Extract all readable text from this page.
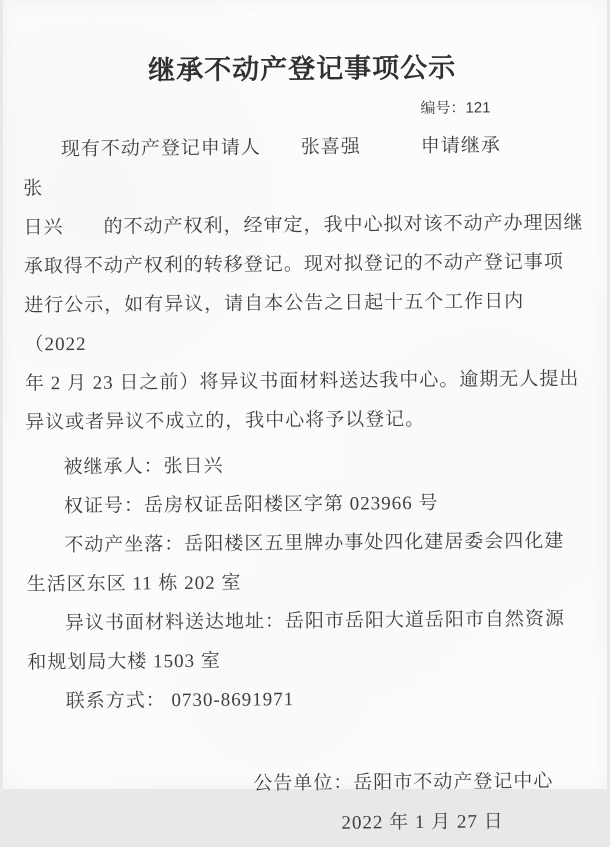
继承不动产登记事项公示
编号：121
现有不动产登记申请人　　张喜强　　　申请继承　　　　张
日兴　　的不动产权利，经审定，我中心拟对该不动产办理因继
承取得不动产权利的转移登记。现对拟登记的不动产登记事项
进行公示，如有异议，请自本公告之日起十五个工作日内（2022
年 2 月 23 日之前）将异议书面材料送达我中心。逾期无人提出
异议或者异议不成立的，我中心将予以登记。
被继承人：张日兴
权证号：岳房权证岳阳楼区字第 023966 号
不动产坐落：岳阳楼区五里牌办事处四化建居委会四化建
生活区东区 11 栋 202 室
异议书面材料送达地址：岳阳市岳阳大道岳阳市自然资源
和规划局大楼 1503 室
联系方式： 0730-8691971
公告单位：岳阳市不动产登记中心
2022 年 1 月 27 日
